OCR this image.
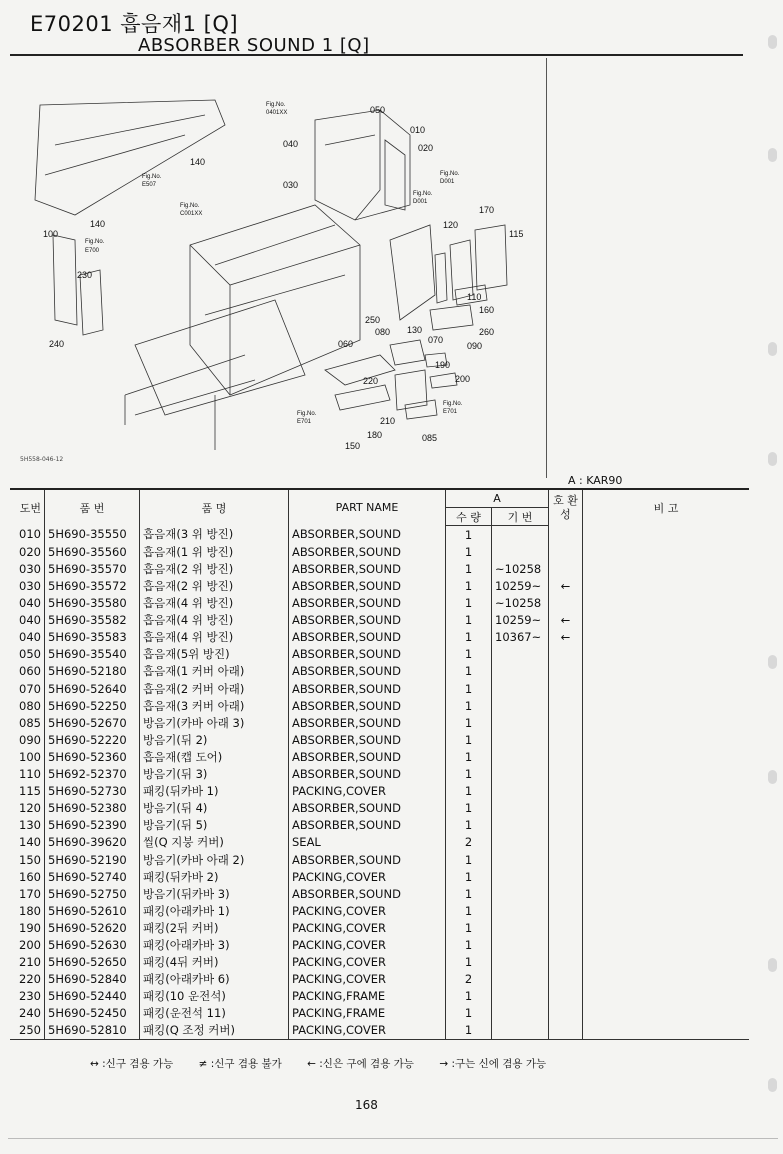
E70201 흡음재1 [Q]
ABSORBER SOUND 1 [Q]
050
010
020
040
030
140
140
100
230
240
120
170
115
110
160
250
130
080
070
260
090
060
190
200
220
210
180	085
150
Fig.No.
0401XX
Fig.No.
E507
Fig.No.
C001XX
Fig.No.
E700
Fig.No.
D001
Fig.No.
D001
Fig.No.
E701
Fig.No.
E701
5H558-046-12
A : KAR90
도번	품 번	품 명	PART NAME	A		호 환 성	비 고
				수 량	기 번		
010	5H690-35550	흡음재(3 위 방진)	ABSORBER,SOUND	1			
020	5H690-35560	흡음재(1 위 방진)	ABSORBER,SOUND	1			
030	5H690-35570	흡음재(2 위 방진)	ABSORBER,SOUND	1	~10258		
030	5H690-35572	흡음재(2 위 방진)	ABSORBER,SOUND	1	10259~	←	
040	5H690-35580	흡음재(4 위 방진)	ABSORBER,SOUND	1	~10258		
040	5H690-35582	흡음재(4 위 방진)	ABSORBER,SOUND	1	10259~	←	
040	5H690-35583	흡음재(4 위 방진)	ABSORBER,SOUND	1	10367~	←	
050	5H690-35540	흡음재(5위 방진)	ABSORBER,SOUND	1			
060	5H690-52180	흡음재(1 커버 아래)	ABSORBER,SOUND	1			
070	5H690-52640	흡음재(2 커버 아래)	ABSORBER,SOUND	1			
080	5H690-52250	흡음재(3 커버 아래)	ABSORBER,SOUND	1			
085	5H690-52670	방음기(카바 아래 3)	ABSORBER,SOUND	1			
090	5H690-52220	방음기(뒤 2)	ABSORBER,SOUND	1			
100	5H690-52360	흡음재(캡 도어)	ABSORBER,SOUND	1			
110	5H692-52370	방음기(뒤 3)	ABSORBER,SOUND	1			
115	5H690-52730	패킹(뒤카바 1)	PACKING,COVER	1			
120	5H690-52380	방음기(뒤 4)	ABSORBER,SOUND	1			
130	5H690-52390	방음기(뒤 5)	ABSORBER,SOUND	1			
140	5H690-39620	씰(Q 지붕 커버)	SEAL	2			
150	5H690-52190	방음기(카바 아래 2)	ABSORBER,SOUND	1			
160	5H690-52740	패킹(뒤카바 2)	PACKING,COVER	1			
170	5H690-52750	방음기(뒤카바 3)	ABSORBER,SOUND	1			
180	5H690-52610	패킹(아래카바 1)	PACKING,COVER	1			
190	5H690-52620	패킹(2뒤 커버)	PACKING,COVER	1			
200	5H690-52630	패킹(아래카바 3)	PACKING,COVER	1			
210	5H690-52650	패킹(4뒤 커버)	PACKING,COVER	1			
220	5H690-52840	패킹(아래카바 6)	PACKING,COVER	2			
230	5H690-52440	패킹(10 운전석)	PACKING,FRAME	1			
240	5H690-52450	패킹(운전석 11)	PACKING,FRAME	1			
250	5H690-52810	패킹(Q 조정 커버)	PACKING,COVER	1			
↔ :신구 겸용 가능 ≠ :신구 겸용 불가 ← :신은 구에 겸용 가능 → :구는 신에 겸용 가능
168
